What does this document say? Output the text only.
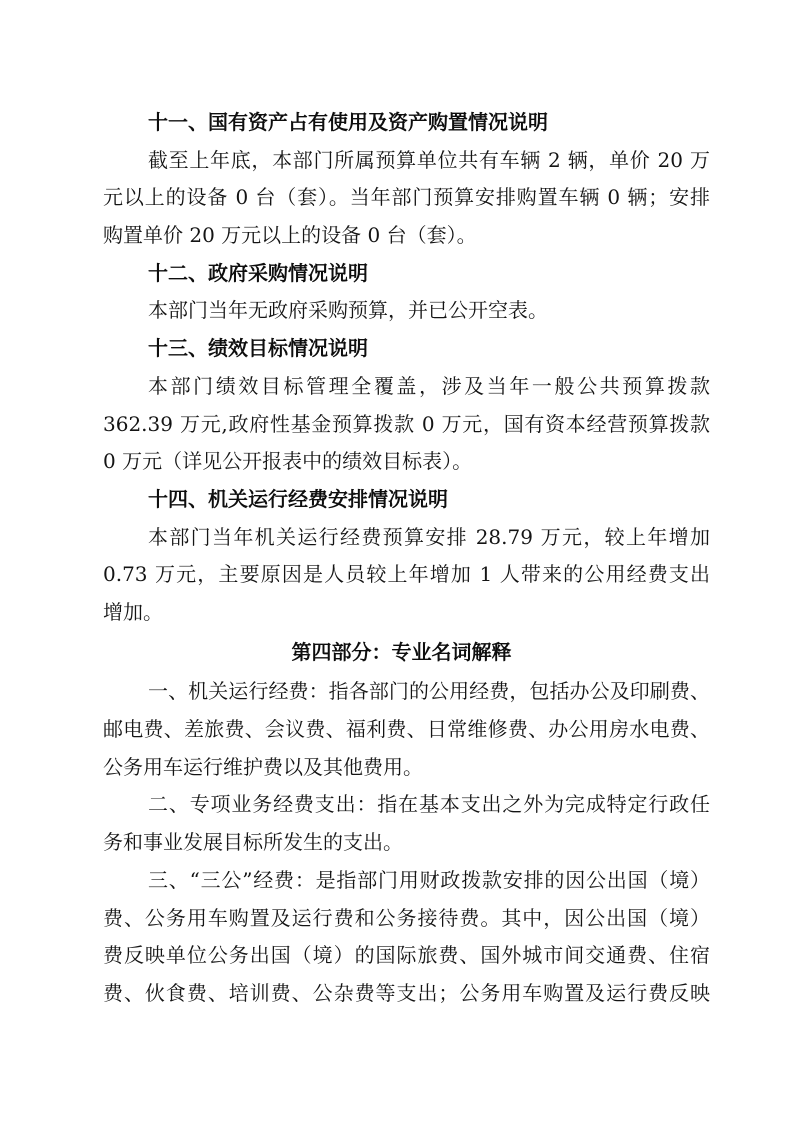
十一、国有资产占有使用及资产购置情况说明
截至上年底，本部门所属预算单位共有车辆 2 辆，单价 20 万
元以上的设备 0 台（套）。当年部门预算安排购置车辆 0 辆；安排
购置单价 20 万元以上的设备 0 台（套）。
十二、政府采购情况说明
本部门当年无政府采购预算，并已公开空表。
十三、绩效目标情况说明
本部门绩效目标管理全覆盖，涉及当年一般公共预算拨款
362.39 万元,政府性基金预算拨款 0 万元，国有资本经营预算拨款
0 万元（详见公开报表中的绩效目标表）。
十四、机关运行经费安排情况说明
本部门当年机关运行经费预算安排 28.79 万元，较上年增加
0.73 万元，主要原因是人员较上年增加 1 人带来的公用经费支出
增加。
第四部分：专业名词解释
一、机关运行经费：指各部门的公用经费，包括办公及印刷费、
邮电费、差旅费、会议费、福利费、日常维修费、办公用房水电费、
公务用车运行维护费以及其他费用。
二、专项业务经费支出：指在基本支出之外为完成特定行政任
务和事业发展目标所发生的支出。
三、“三公”经费：是指部门用财政拨款安排的因公出国（境）
费、公务用车购置及运行费和公务接待费。其中，因公出国（境）
费反映单位公务出国（境）的国际旅费、国外城市间交通费、住宿
费、伙食费、培训费、公杂费等支出；公务用车购置及运行费反映
